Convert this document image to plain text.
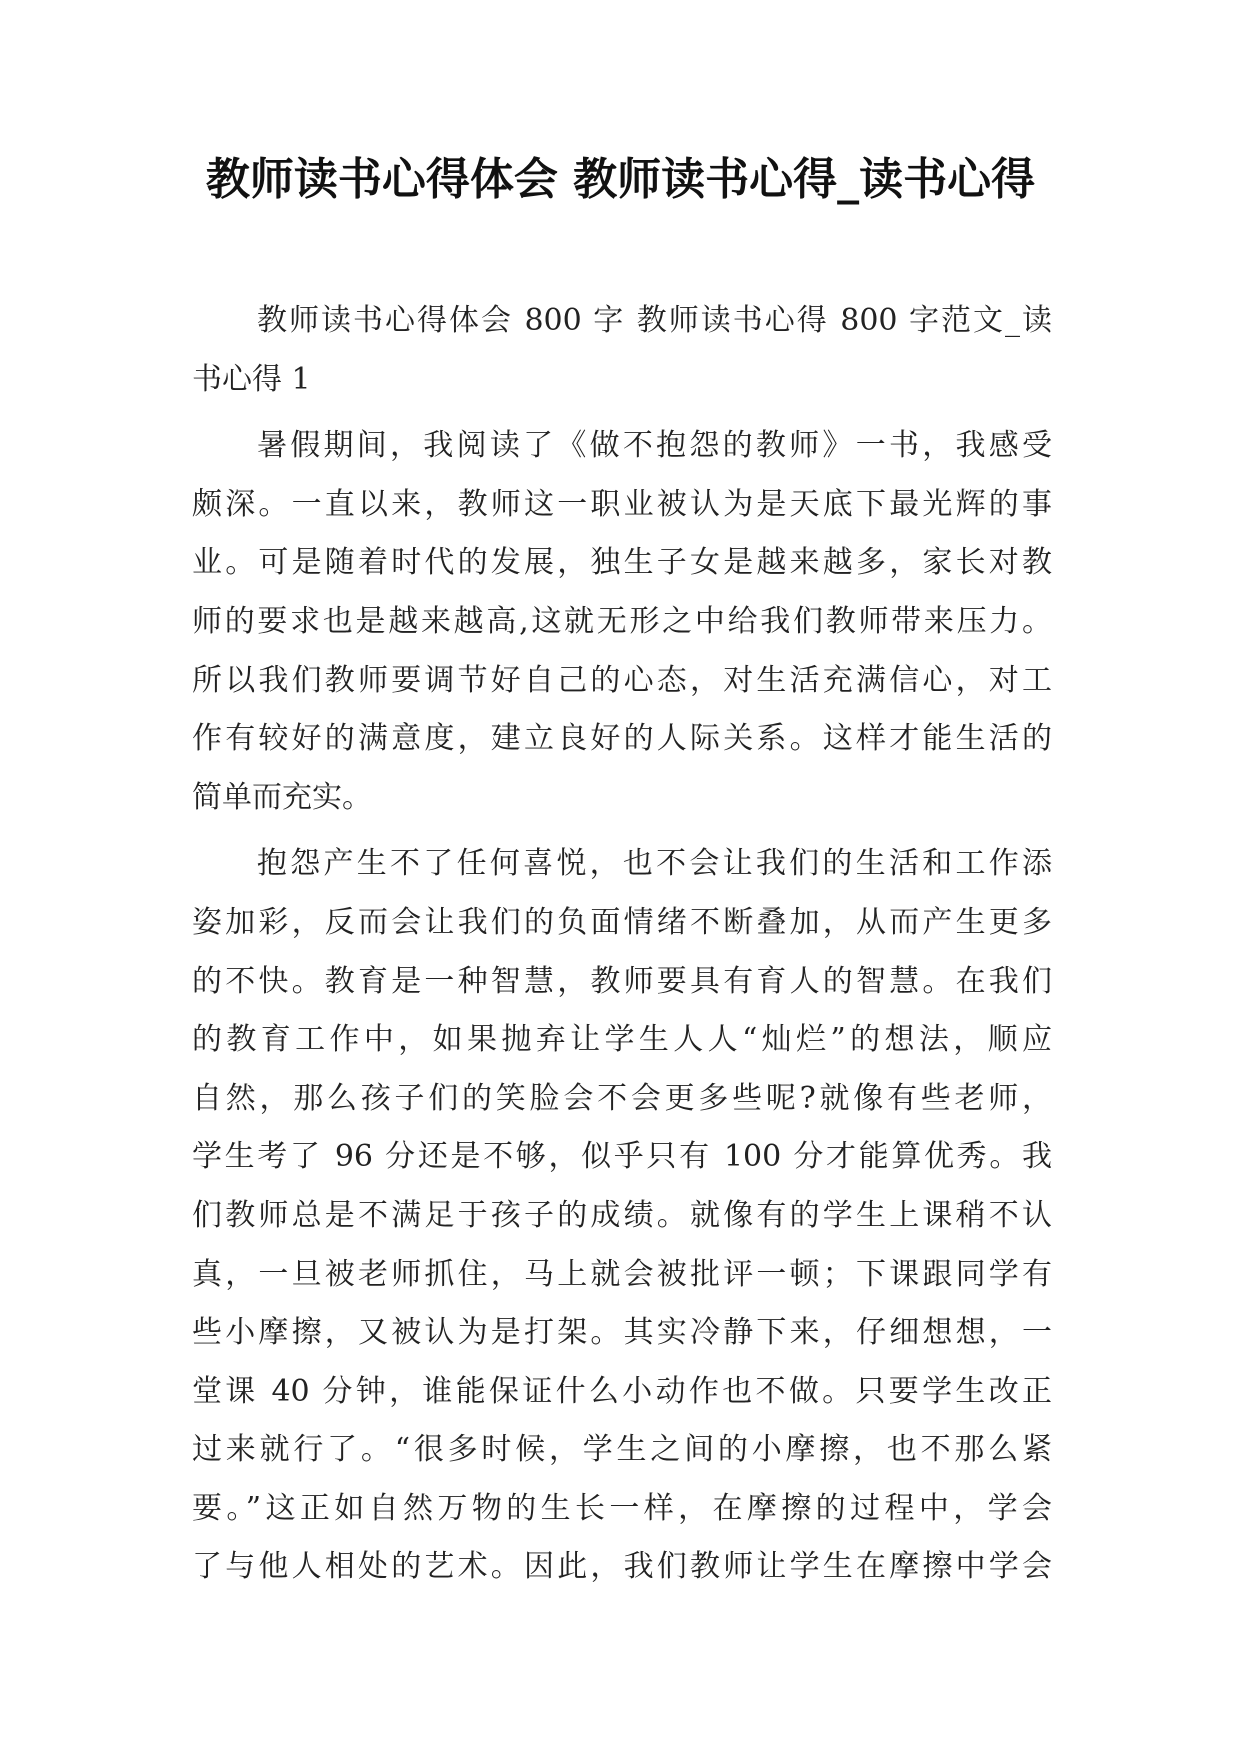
教师读书心得体会 教师读书心得_读书心得
教师读书心得体会 800 字 教师读书心得 800 字范文_读
书心得 1
暑假期间，我阅读了《做不抱怨的教师》一书，我感受
颇深。一直以来，教师这一职业被认为是天底下最光辉的事
业。可是随着时代的发展，独生子女是越来越多，家长对教
师的要求也是越来越高,这就无形之中给我们教师带来压力。
所以我们教师要调节好自己的心态，对生活充满信心，对工
作有较好的满意度，建立良好的人际关系。这样才能生活的
简单而充实。
抱怨产生不了任何喜悦，也不会让我们的生活和工作添
姿加彩，反而会让我们的负面情绪不断叠加，从而产生更多
的不快。教育是一种智慧，教师要具有育人的智慧。在我们
的教育工作中，如果抛弃让学生人人“灿烂”的想法，顺应
自然，那么孩子们的笑脸会不会更多些呢?就像有些老师，
学生考了 96 分还是不够，似乎只有 100 分才能算优秀。我
们教师总是不满足于孩子的成绩。就像有的学生上课稍不认
真，一旦被老师抓住，马上就会被批评一顿；下课跟同学有
些小摩擦，又被认为是打架。其实冷静下来，仔细想想，一
堂课 40 分钟，谁能保证什么小动作也不做。只要学生改正
过来就行了。“很多时候，学生之间的小摩擦，也不那么紧
要。”这正如自然万物的生长一样，在摩擦的过程中，学会
了与他人相处的艺术。因此，我们教师让学生在摩擦中学会
